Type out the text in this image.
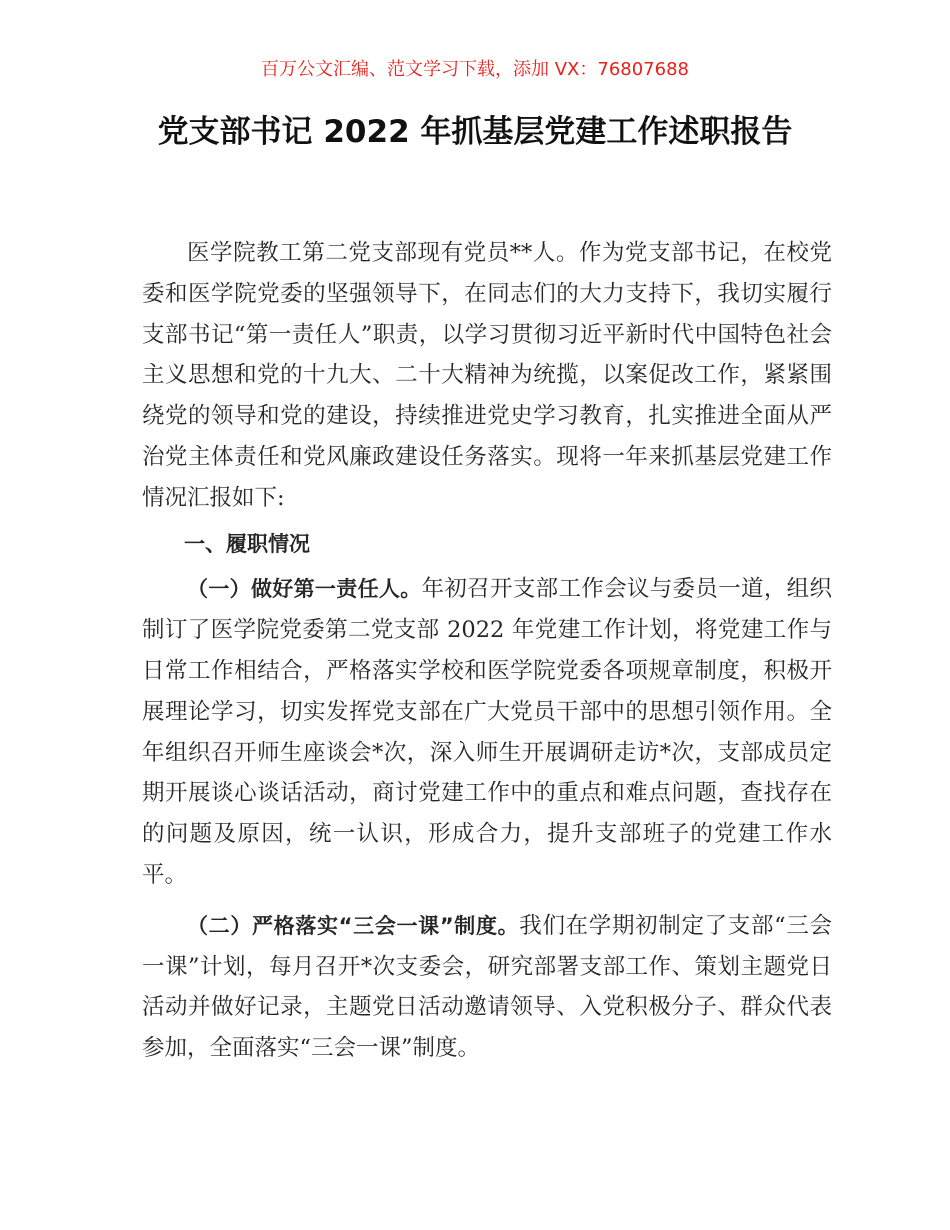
百万公文汇编、范文学习下载，添加 VX：76807688
党支部书记 2022 年抓基层党建工作述职报告

医学院教工第二党支部现有党员**人。作为党支部书记，在校党委和医学院党委的坚强领导下，在同志们的大力支持下，我切实履行支部书记“第一责任人”职责，以学习贯彻习近平新时代中国特色社会主义思想和党的十九大、二十大精神为统揽，以案促改工作，紧紧围绕党的领导和党的建设，持续推进党史学习教育，扎实推进全面从严治党主体责任和党风廉政建设任务落实。现将一年来抓基层党建工作情况汇报如下:

一、履职情况

（一）做好第一责任人。年初召开支部工作会议与委员一道，组织制订了医学院党委第二党支部 2022 年党建工作计划，将党建工作与日常工作相结合，严格落实学校和医学院党委各项规章制度，积极开展理论学习，切实发挥党支部在广大党员干部中的思想引领作用。全年组织召开师生座谈会*次，深入师生开展调研走访*次，支部成员定期开展谈心谈话活动，商讨党建工作中的重点和难点问题，查找存在的问题及原因，统一认识，形成合力，提升支部班子的党建工作水平。

（二）严格落实“三会一课”制度。我们在学期初制定了支部“三会一课”计划，每月召开*次支委会，研究部署支部工作、策划主题党日活动并做好记录，主题党日活动邀请领导、入党积极分子、群众代表参加，全面落实“三会一课”制度。
